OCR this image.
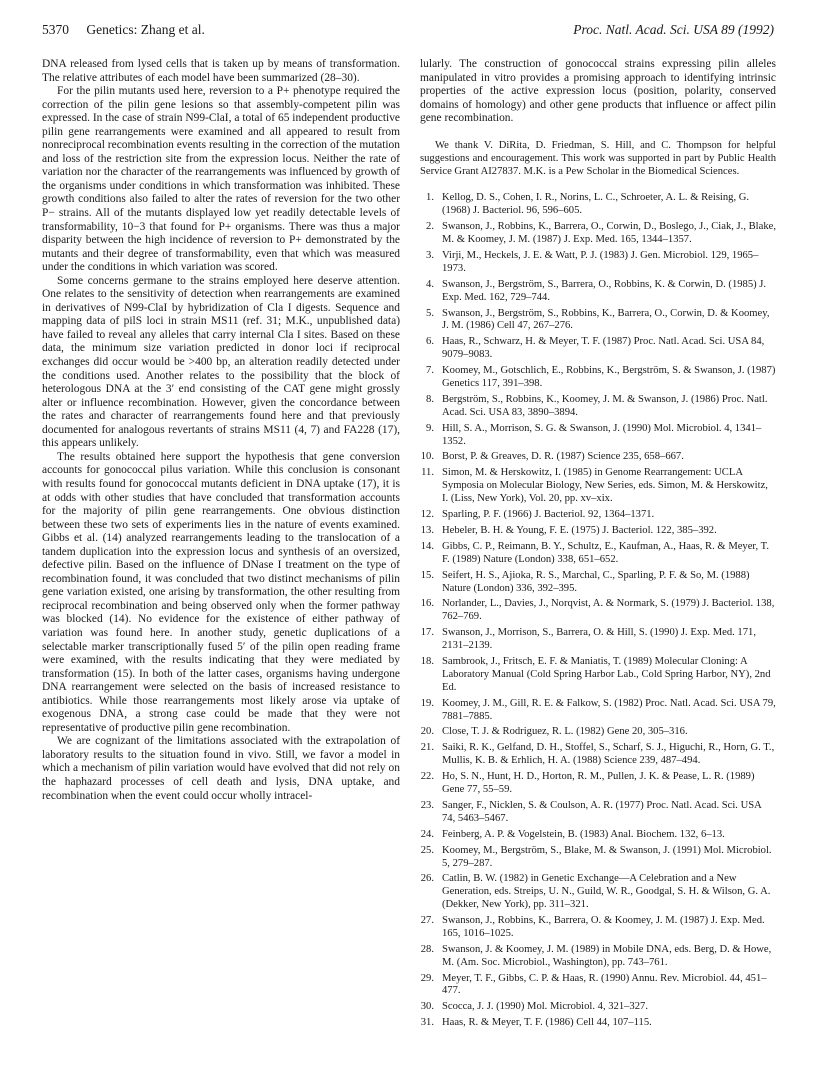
5370 Genetics: Zhang et al.	Proc. Natl. Acad. Sci. USA 89 (1992)

DNA released from lysed cells that is taken up by means of transformation. The relative attributes of each model have been summarized (28–30).

For the pilin mutants used here, reversion to a P+ phenotype required the correction of the pilin gene lesions so that assembly-competent pilin was expressed. In the case of strain N99-ClaI, a total of 65 independent productive pilin gene rearrangements were examined and all appeared to result from nonreciprocal recombination events resulting in the correction of the mutation and loss of the restriction site from the expression locus. Neither the rate of variation nor the character of the rearrangements was influenced by growth of the organisms under conditions in which transformation was inhibited. These growth conditions also failed to alter the rates of reversion for the two other P− strains. All of the mutants displayed low yet readily detectable levels of transformability, 10−3 that found for P+ organisms. There was thus a major disparity between the high incidence of reversion to P+ demonstrated by the mutants and their degree of transformability, even that which was measured under the conditions in which variation was scored.

Some concerns germane to the strains employed here deserve attention. One relates to the sensitivity of detection when rearrangements are examined in derivatives of N99-ClaI by hybridization of Cla I digests. Sequence and mapping data of pilS loci in strain MS11 (ref. 31; M.K., unpublished data) have failed to reveal any alleles that carry internal Cla I sites. Based on these data, the minimum size variation predicted in donor loci if reciprocal exchanges did occur would be >400 bp, an alteration readily detected under the conditions used. Another relates to the possibility that the block of heterologous DNA at the 3′ end consisting of the CAT gene might grossly alter or influence recombination. However, given the concordance between the rates and character of rearrangements found here and that previously documented for analogous revertants of strains MS11 (4, 7) and FA228 (17), this appears unlikely.

The results obtained here support the hypothesis that gene conversion accounts for gonococcal pilus variation. While this conclusion is consonant with results found for gonococcal mutants deficient in DNA uptake (17), it is at odds with other studies that have concluded that transformation accounts for the majority of pilin gene rearrangements. One obvious distinction between these two sets of experiments lies in the nature of events examined. Gibbs et al. (14) analyzed rearrangements leading to the translocation of a tandem duplication into the expression locus and synthesis of an oversized, defective pilin. Based on the influence of DNase I treatment on the type of recombination found, it was concluded that two distinct mechanisms of pilin gene variation existed, one arising by transformation, the other resulting from reciprocal recombination and being observed only when the former pathway was blocked (14). No evidence for the existence of either pathway of variation was found here. In another study, genetic duplications of a selectable marker transcriptionally fused 5′ of the pilin open reading frame were examined, with the results indicating that they were mediated by transformation (15). In both of the latter cases, organisms having undergone DNA rearrangement were selected on the basis of increased resistance to antibiotics. While those rearrangements most likely arose via uptake of exogenous DNA, a strong case could be made that they were not representative of productive pilin gene recombination.

We are cognizant of the limitations associated with the extrapolation of laboratory results to the situation found in vivo. Still, we favor a model in which a mechanism of pilin variation would have evolved that did not rely on the haphazard processes of cell death and lysis, DNA uptake, and recombination when the event could occur wholly intracel-

lularly. The construction of gonococcal strains expressing pilin alleles manipulated in vitro provides a promising approach to identifying intrinsic properties of the active expression locus (position, polarity, conserved domains of homology) and other gene products that influence or affect pilin gene recombination.

We thank V. DiRita, D. Friedman, S. Hill, and C. Thompson for helpful suggestions and encouragement. This work was supported in part by Public Health Service Grant AI27837. M.K. is a Pew Scholar in the Biomedical Sciences.

1. Kellog, D. S., Cohen, I. R., Norins, L. C., Schroeter, A. L. & Reising, G. (1968) J. Bacteriol. 96, 596–605.
2. Swanson, J., Robbins, K., Barrera, O., Corwin, D., Boslego, J., Ciak, J., Blake, M. & Koomey, J. M. (1987) J. Exp. Med. 165, 1344–1357.
3. Virji, M., Heckels, J. E. & Watt, P. J. (1983) J. Gen. Microbiol. 129, 1965–1973.
4. Swanson, J., Bergström, S., Barrera, O., Robbins, K. & Corwin, D. (1985) J. Exp. Med. 162, 729–744.
5. Swanson, J., Bergström, S., Robbins, K., Barrera, O., Corwin, D. & Koomey, J. M. (1986) Cell 47, 267–276.
6. Haas, R., Schwarz, H. & Meyer, T. F. (1987) Proc. Natl. Acad. Sci. USA 84, 9079–9083.
7. Koomey, M., Gotschlich, E., Robbins, K., Bergström, S. & Swanson, J. (1987) Genetics 117, 391–398.
8. Bergström, S., Robbins, K., Koomey, J. M. & Swanson, J. (1986) Proc. Natl. Acad. Sci. USA 83, 3890–3894.
9. Hill, S. A., Morrison, S. G. & Swanson, J. (1990) Mol. Microbiol. 4, 1341–1352.
10. Borst, P. & Greaves, D. R. (1987) Science 235, 658–667.
11. Simon, M. & Herskowitz, I. (1985) in Genome Rearrangement: UCLA Symposia on Molecular Biology, New Series, eds. Simon, M. & Herskowitz, I. (Liss, New York), Vol. 20, pp. xv–xix.
12. Sparling, P. F. (1966) J. Bacteriol. 92, 1364–1371.
13. Hebeler, B. H. & Young, F. E. (1975) J. Bacteriol. 122, 385–392.
14. Gibbs, C. P., Reimann, B. Y., Schultz, E., Kaufman, A., Haas, R. & Meyer, T. F. (1989) Nature (London) 338, 651–652.
15. Seifert, H. S., Ajioka, R. S., Marchal, C., Sparling, P. F. & So, M. (1988) Nature (London) 336, 392–395.
16. Norlander, L., Davies, J., Norqvist, A. & Normark, S. (1979) J. Bacteriol. 138, 762–769.
17. Swanson, J., Morrison, S., Barrera, O. & Hill, S. (1990) J. Exp. Med. 171, 2131–2139.
18. Sambrook, J., Fritsch, E. F. & Maniatis, T. (1989) Molecular Cloning: A Laboratory Manual (Cold Spring Harbor Lab., Cold Spring Harbor, NY), 2nd Ed.
19. Koomey, J. M., Gill, R. E. & Falkow, S. (1982) Proc. Natl. Acad. Sci. USA 79, 7881–7885.
20. Close, T. J. & Rodriguez, R. L. (1982) Gene 20, 305–316.
21. Saiki, R. K., Gelfand, D. H., Stoffel, S., Scharf, S. J., Higuchi, R., Horn, G. T., Mullis, K. B. & Erhlich, H. A. (1988) Science 239, 487–494.
22. Ho, S. N., Hunt, H. D., Horton, R. M., Pullen, J. K. & Pease, L. R. (1989) Gene 77, 55–59.
23. Sanger, F., Nicklen, S. & Coulson, A. R. (1977) Proc. Natl. Acad. Sci. USA 74, 5463–5467.
24. Feinberg, A. P. & Vogelstein, B. (1983) Anal. Biochem. 132, 6–13.
25. Koomey, M., Bergström, S., Blake, M. & Swanson, J. (1991) Mol. Microbiol. 5, 279–287.
26. Catlin, B. W. (1982) in Genetic Exchange—A Celebration and a New Generation, eds. Streips, U. N., Guild, W. R., Goodgal, S. H. & Wilson, G. A. (Dekker, New York), pp. 311–321.
27. Swanson, J., Robbins, K., Barrera, O. & Koomey, J. M. (1987) J. Exp. Med. 165, 1016–1025.
28. Swanson, J. & Koomey, J. M. (1989) in Mobile DNA, eds. Berg, D. & Howe, M. (Am. Soc. Microbiol., Washington), pp. 743–761.
29. Meyer, T. F., Gibbs, C. P. & Haas, R. (1990) Annu. Rev. Microbiol. 44, 451–477.
30. Scocca, J. J. (1990) Mol. Microbiol. 4, 321–327.
31. Haas, R. & Meyer, T. F. (1986) Cell 44, 107–115.
